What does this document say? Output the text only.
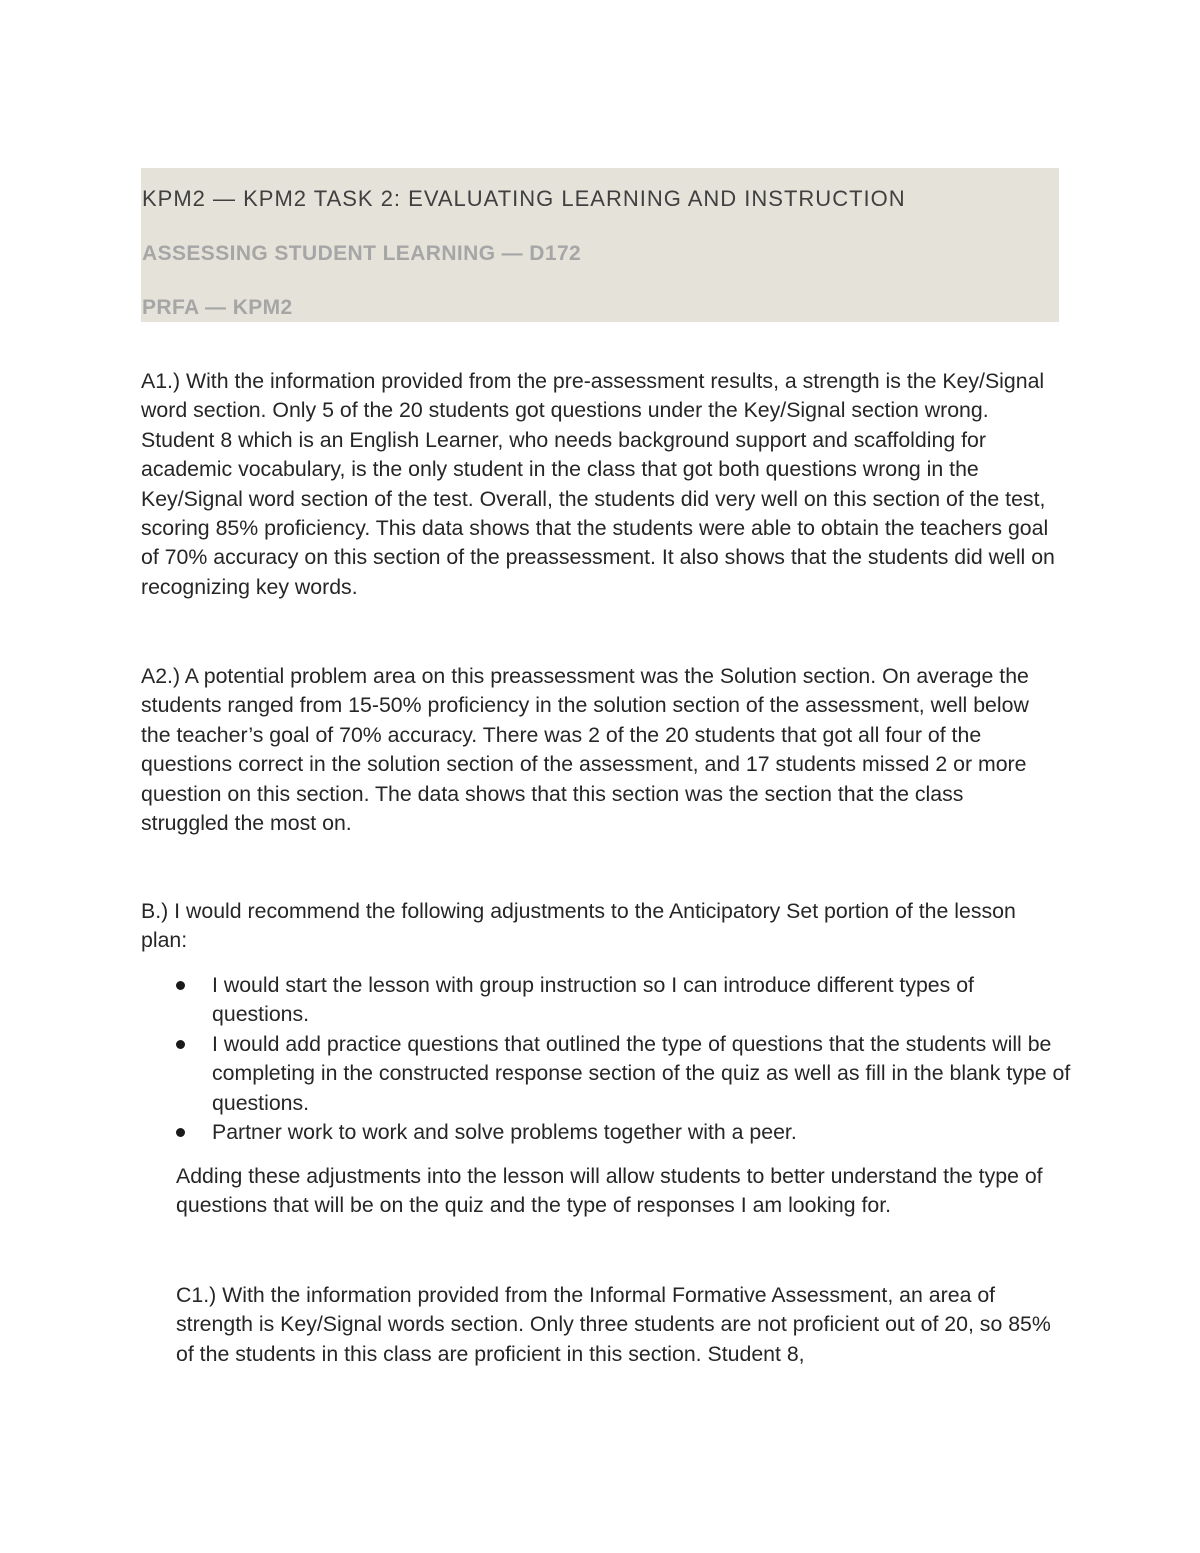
KPM2 — KPM2 TASK 2: EVALUATING LEARNING AND INSTRUCTION
ASSESSING STUDENT LEARNING — D172
PRFA — KPM2

A1.) With the information provided from the pre-assessment results, a strength is the Key/Signal word section. Only 5 of the 20 students got questions under the Key/Signal section wrong. Student 8 which is an English Learner, who needs background support and scaffolding for academic vocabulary, is the only student in the class that got both questions wrong in the Key/Signal word section of the test. Overall, the students did very well on this section of the test, scoring 85% proficiency. This data shows that the students were able to obtain the teachers goal of 70% accuracy on this section of the preassessment. It also shows that the students did well on recognizing key words.

A2.) A potential problem area on this preassessment was the Solution section. On average the students ranged from 15-50% proficiency in the solution section of the assessment, well below the teacher’s goal of 70% accuracy. There was 2 of the 20 students that got all four of the questions correct in the solution section of the assessment, and 17 students missed 2 or more question on this section. The data shows that this section was the section that the class struggled the most on.

B.) I would recommend the following adjustments to the Anticipatory Set portion of the lesson plan:

I would start the lesson with group instruction so I can introduce different types of questions.
I would add practice questions that outlined the type of questions that the students will be completing in the constructed response section of the quiz as well as fill in the blank type of questions.
Partner work to work and solve problems together with a peer.

Adding these adjustments into the lesson will allow students to better understand the type of questions that will be on the quiz and the type of responses I am looking for.

C1.) With the information provided from the Informal Formative Assessment, an area of strength is Key/Signal words section. Only three students are not proficient out of 20, so 85% of the students in this class are proficient in this section. Student 8,
